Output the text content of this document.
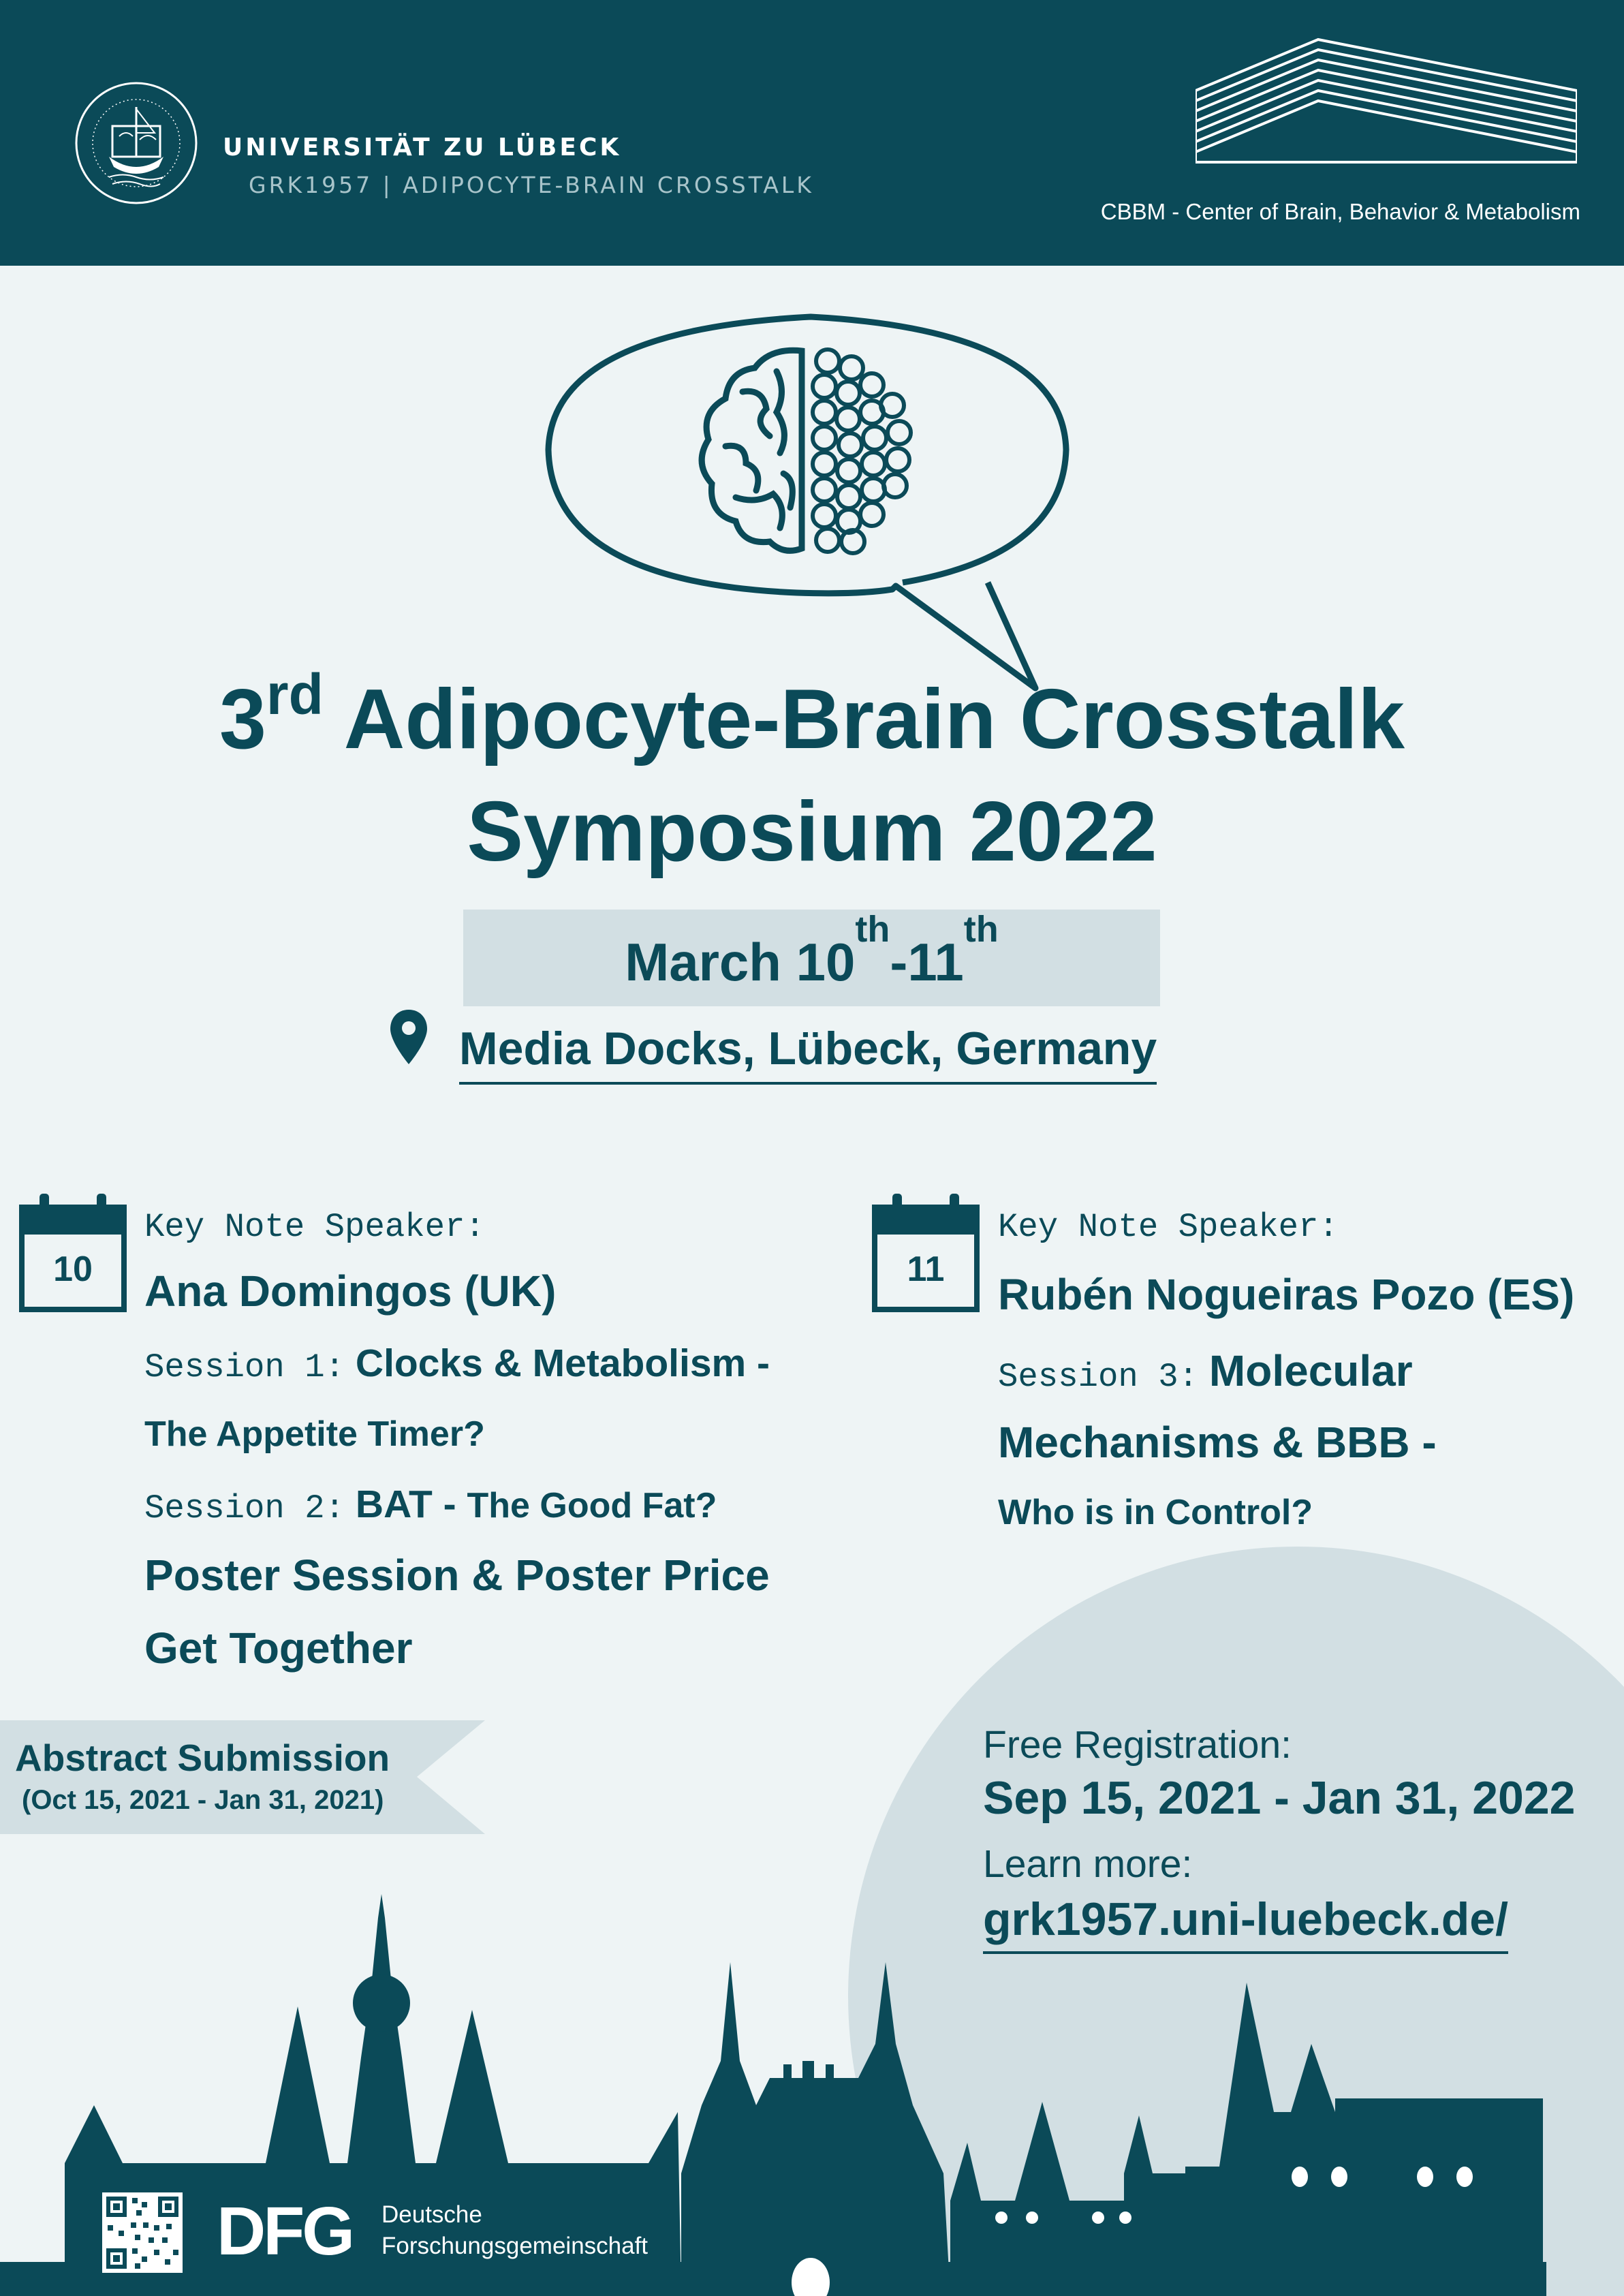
UNIVERSITÄT ZU LÜBECK
GRK1957 | ADIPOCYTE-BRAIN CROSSTALK
CBBM - Center of Brain, Behavior & Metabolism
3rd Adipocyte-Brain Crosstalk
Symposium 2022
March 10th-11th
Media Docks, Lübeck, Germany
10
Key Note Speaker:
Ana Domingos (UK)
Session 1: Clocks & Metabolism -
The Appetite Timer?
Session 2: BAT - The Good Fat?
Poster Session & Poster Price
Get Together
11
Key Note Speaker:
Rubén Nogueiras Pozo (ES)
Session 3: Molecular
Mechanisms & BBB -
Who is in Control?
Abstract Submission
(Oct 15, 2021 - Jan 31, 2021)
Free Registration:
Sep 15, 2021 - Jan 31, 2022
Learn more:
grk1957.uni-luebeck.de/
DFG Deutsche
Forschungsgemeinschaft
